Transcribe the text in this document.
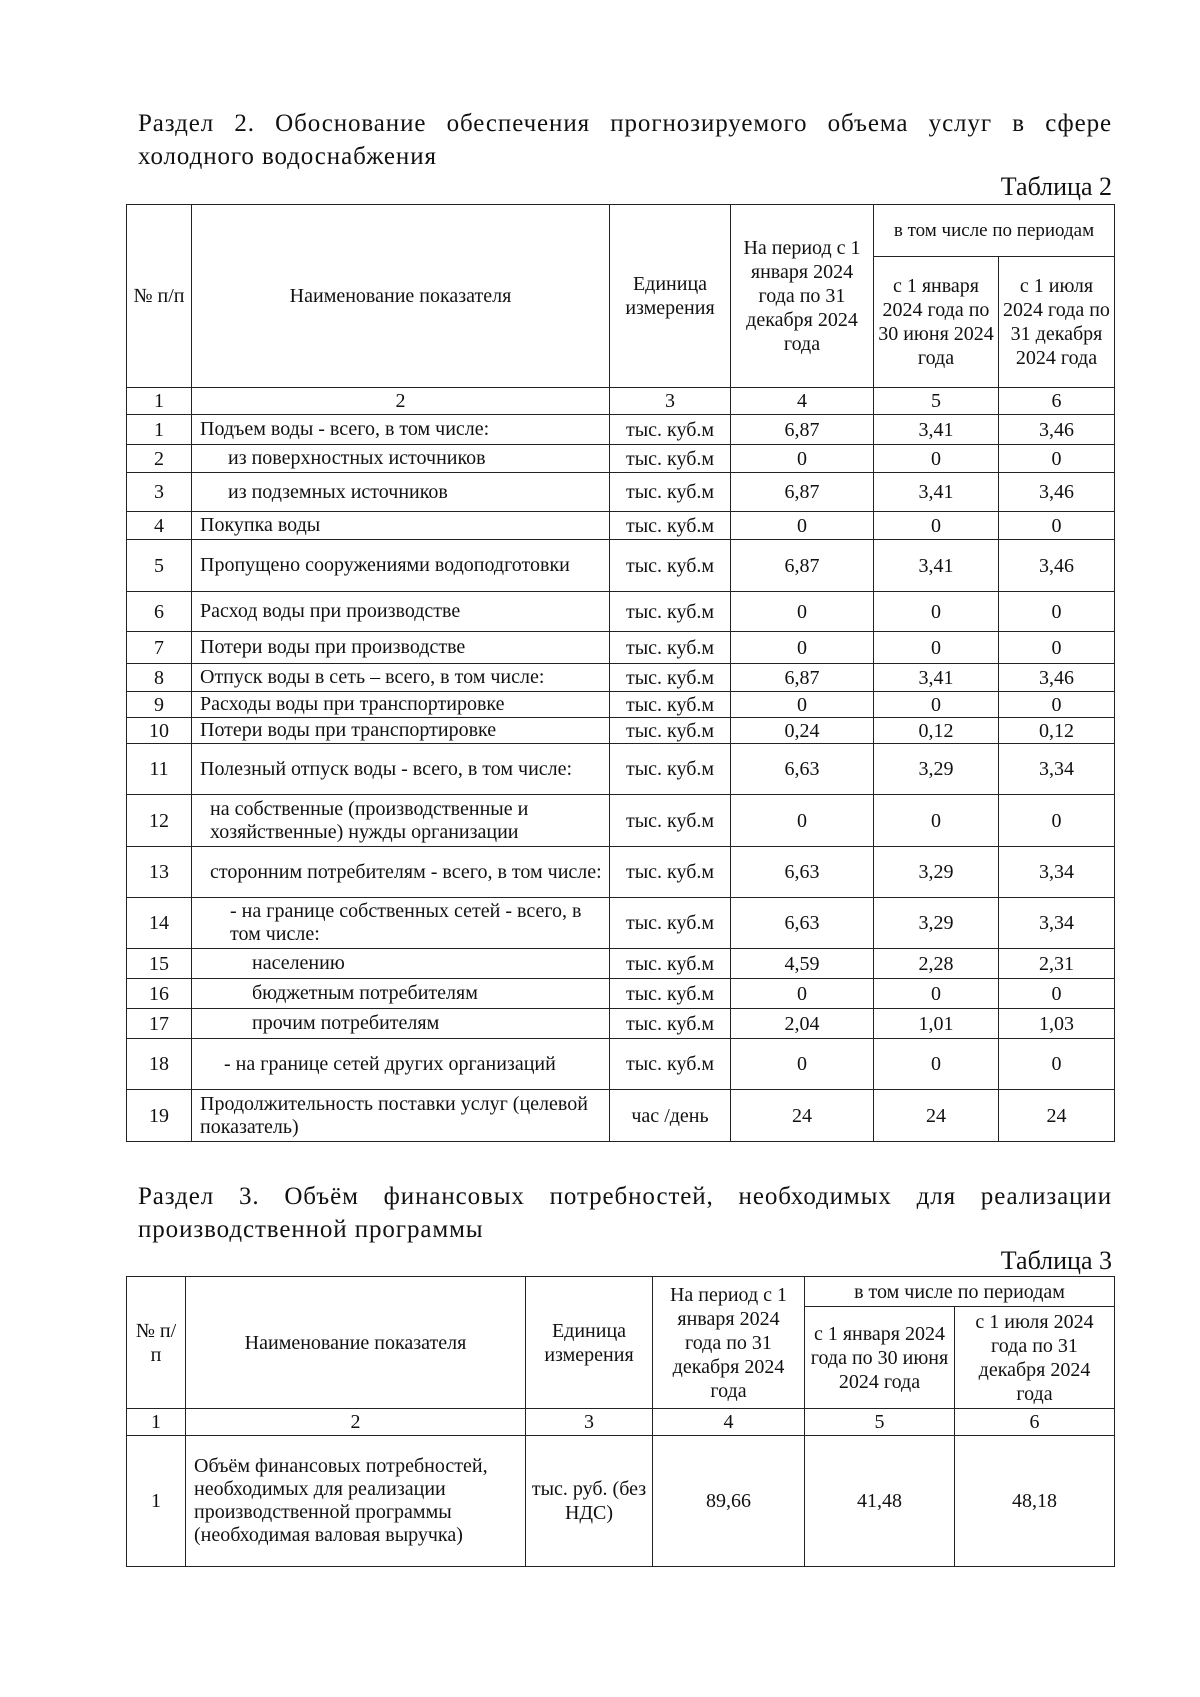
Раздел 2. Обоснование обеспечения прогнозируемого объема услуг в сфере холодного водоснабжения
Таблица 2
№ п/п	Наименование показателя	Единица измерения	На период с 1 января 2024 года по 31 декабря 2024 года	в том числе по периодам	
				с 1 января 2024 года по 30 июня 2024 года	с 1 июля 2024 года по 31 декабря 2024 года
1	2	3	4	5	6
1	Подъем воды - всего, в том числе:	тыс. куб.м	6,87	3,41	3,46
2	из поверхностных источников	тыс. куб.м	0	0	0
3	из подземных источников	тыс. куб.м	6,87	3,41	3,46
4	Покупка воды	тыс. куб.м	0	0	0
5	Пропущено сооружениями водоподготовки	тыс. куб.м	6,87	3,41	3,46
6	Расход воды при производстве	тыс. куб.м	0	0	0
7	Потери воды при производстве	тыс. куб.м	0	0	0
8	Отпуск воды в сеть – всего, в том числе:	тыс. куб.м	6,87	3,41	3,46
9	Расходы воды при транспортировке	тыс. куб.м	0	0	0
10	Потери воды при транспортировке	тыс. куб.м	0,24	0,12	0,12
11	Полезный отпуск воды - всего, в том числе:	тыс. куб.м	6,63	3,29	3,34
12	на собственные (производственные и хозяйственные) нужды организации	тыс. куб.м	0	0	0
13	сторонним потребителям - всего, в том числе:	тыс. куб.м	6,63	3,29	3,34
14	- на границе собственных сетей - всего, в том числе:	тыс. куб.м	6,63	3,29	3,34
15	населению	тыс. куб.м	4,59	2,28	2,31
16	бюджетным потребителям	тыс. куб.м	0	0	0
17	прочим потребителям	тыс. куб.м	2,04	1,01	1,03
18	- на границе сетей других организаций	тыс. куб.м	0	0	0
19	Продолжительность поставки услуг (целевой показатель)	час /день	24	24	24
Раздел 3. Объём финансовых потребностей, необходимых для реализации производственной программы
Таблица 3
№ п/п	Наименование показателя	Единица измерения	На период с 1 января 2024 года по 31 декабря 2024 года	в том числе по периодам	
				с 1 января 2024 года по 30 июня 2024 года	с 1 июля 2024 года по 31 декабря 2024 года
1	2	3	4	5	6
1	Объём финансовых потребностей, необходимых для реализации производственной программы (необходимая валовая выручка)	тыс. руб. (без НДС)	89,66	41,48	48,18
